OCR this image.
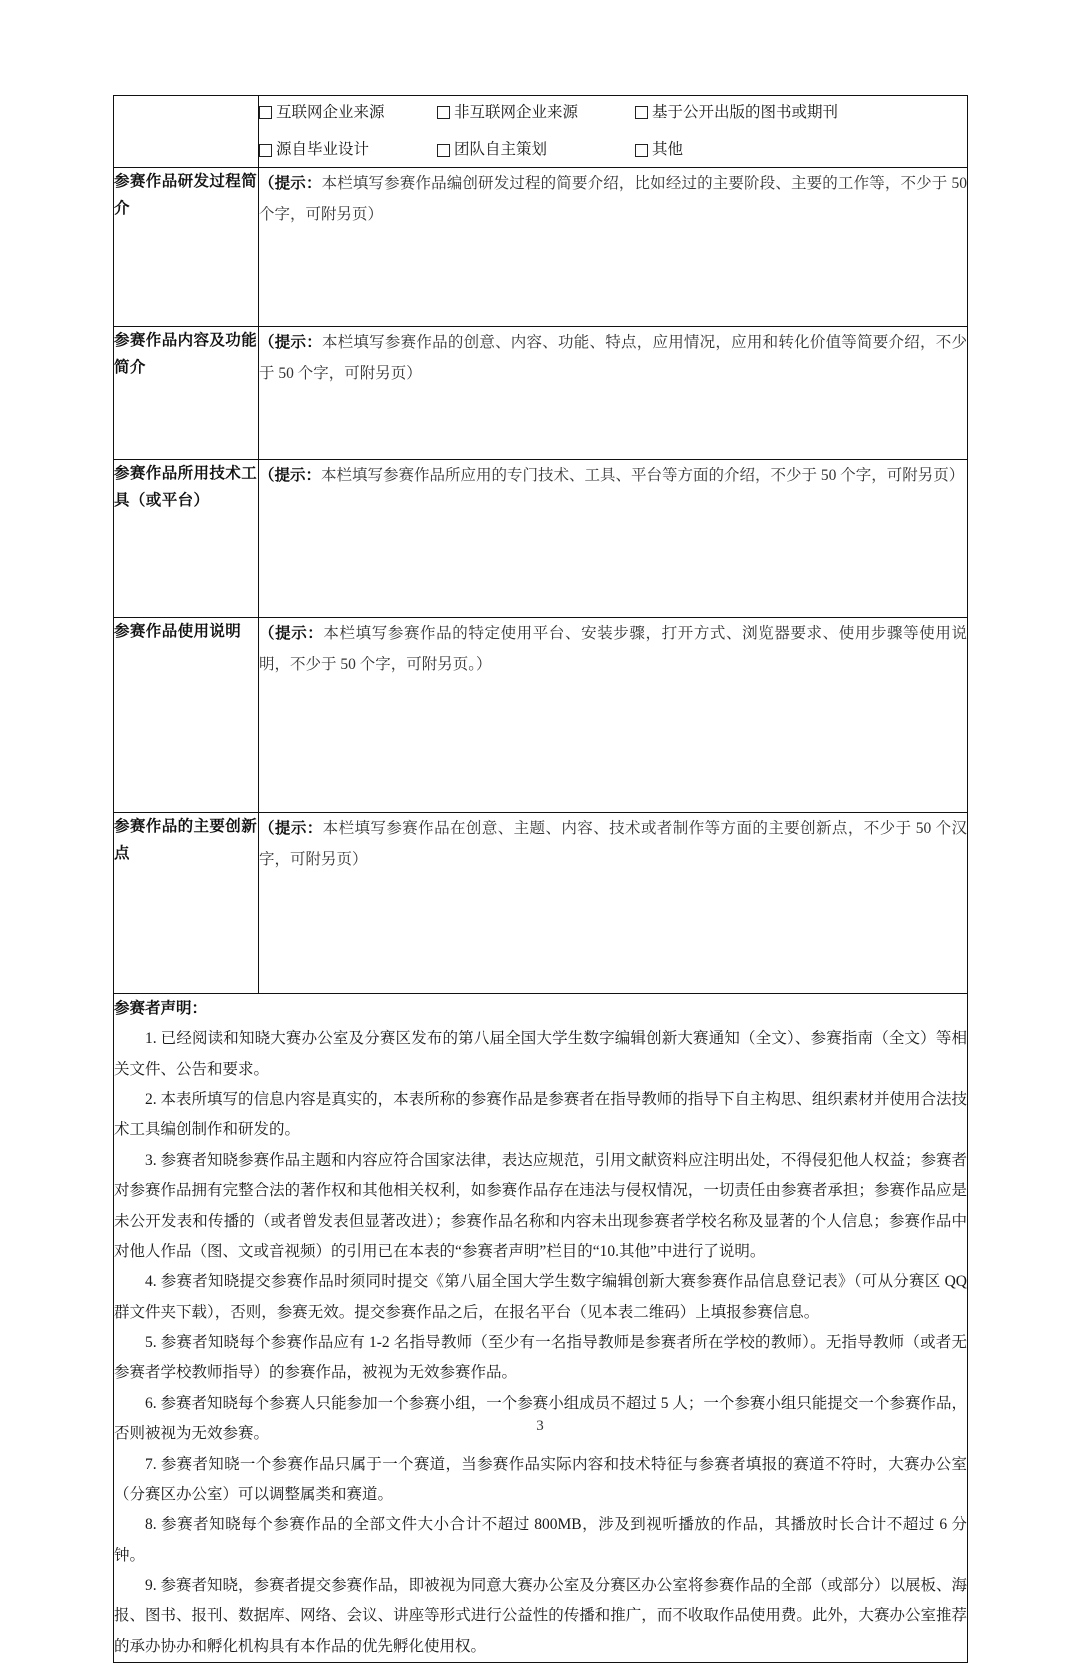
互联网企业来源	非互联网企业来源	基于公开出版的图书或期刊
源自毕业设计	团队自主策划	其他

参赛作品研发过程简介	（提示：本栏填写参赛作品编创研发过程的简要介绍，比如经过的主要阶段、主要的工作等，不少于 50 个字，可附另页）

参赛作品内容及功能简介	（提示：本栏填写参赛作品的创意、内容、功能、特点，应用情况，应用和转化价值等简要介绍，不少于 50 个字，可附另页）

参赛作品所用技术工具（或平台）	（提示：本栏填写参赛作品所应用的专门技术、工具、平台等方面的介绍，不少于 50 个字，可附另页）

参赛作品使用说明	（提示：本栏填写参赛作品的特定使用平台、安装步骤，打开方式、浏览器要求、使用步骤等使用说明，不少于 50 个字，可附另页。）

参赛作品的主要创新点	（提示：本栏填写参赛作品在创意、主题、内容、技术或者制作等方面的主要创新点，不少于 50 个汉字，可附另页）

参赛者声明：

1. 已经阅读和知晓大赛办公室及分赛区发布的第八届全国大学生数字编辑创新大赛通知（全文）、参赛指南（全文）等相关文件、公告和要求。

2. 本表所填写的信息内容是真实的，本表所称的参赛作品是参赛者在指导教师的指导下自主构思、组织素材并使用合法技术工具编创制作和研发的。

3. 参赛者知晓参赛作品主题和内容应符合国家法律，表达应规范，引用文献资料应注明出处，不得侵犯他人权益；参赛者对参赛作品拥有完整合法的著作权和其他相关权利，如参赛作品存在违法与侵权情况，一切责任由参赛者承担；参赛作品应是未公开发表和传播的（或者曾发表但显著改进）；参赛作品名称和内容未出现参赛者学校名称及显著的个人信息；参赛作品中对他人作品（图、文或音视频）的引用已在本表的“参赛者声明”栏目的“10.其他”中进行了说明。

4. 参赛者知晓提交参赛作品时须同时提交《第八届全国大学生数字编辑创新大赛参赛作品信息登记表》（可从分赛区 QQ 群文件夹下载），否则，参赛无效。提交参赛作品之后，在报名平台（见本表二维码）上填报参赛信息。

5. 参赛者知晓每个参赛作品应有 1-2 名指导教师（至少有一名指导教师是参赛者所在学校的教师）。无指导教师（或者无参赛者学校教师指导）的参赛作品，被视为无效参赛作品。

6. 参赛者知晓每个参赛人只能参加一个参赛小组，一个参赛小组成员不超过 5 人；一个参赛小组只能提交一个参赛作品，否则被视为无效参赛。

7. 参赛者知晓一个参赛作品只属于一个赛道，当参赛作品实际内容和技术特征与参赛者填报的赛道不符时，大赛办公室（分赛区办公室）可以调整属类和赛道。

8. 参赛者知晓每个参赛作品的全部文件大小合计不超过 800MB，涉及到视听播放的作品，其播放时长合计不超过 6 分钟。

9. 参赛者知晓，参赛者提交参赛作品，即被视为同意大赛办公室及分赛区办公室将参赛作品的全部（或部分）以展板、海报、图书、报刊、数据库、网络、会议、讲座等形式进行公益性的传播和推广，而不收取作品使用费。此外，大赛办公室推荐的承办协办和孵化机构具有本作品的优先孵化使用权。

3
